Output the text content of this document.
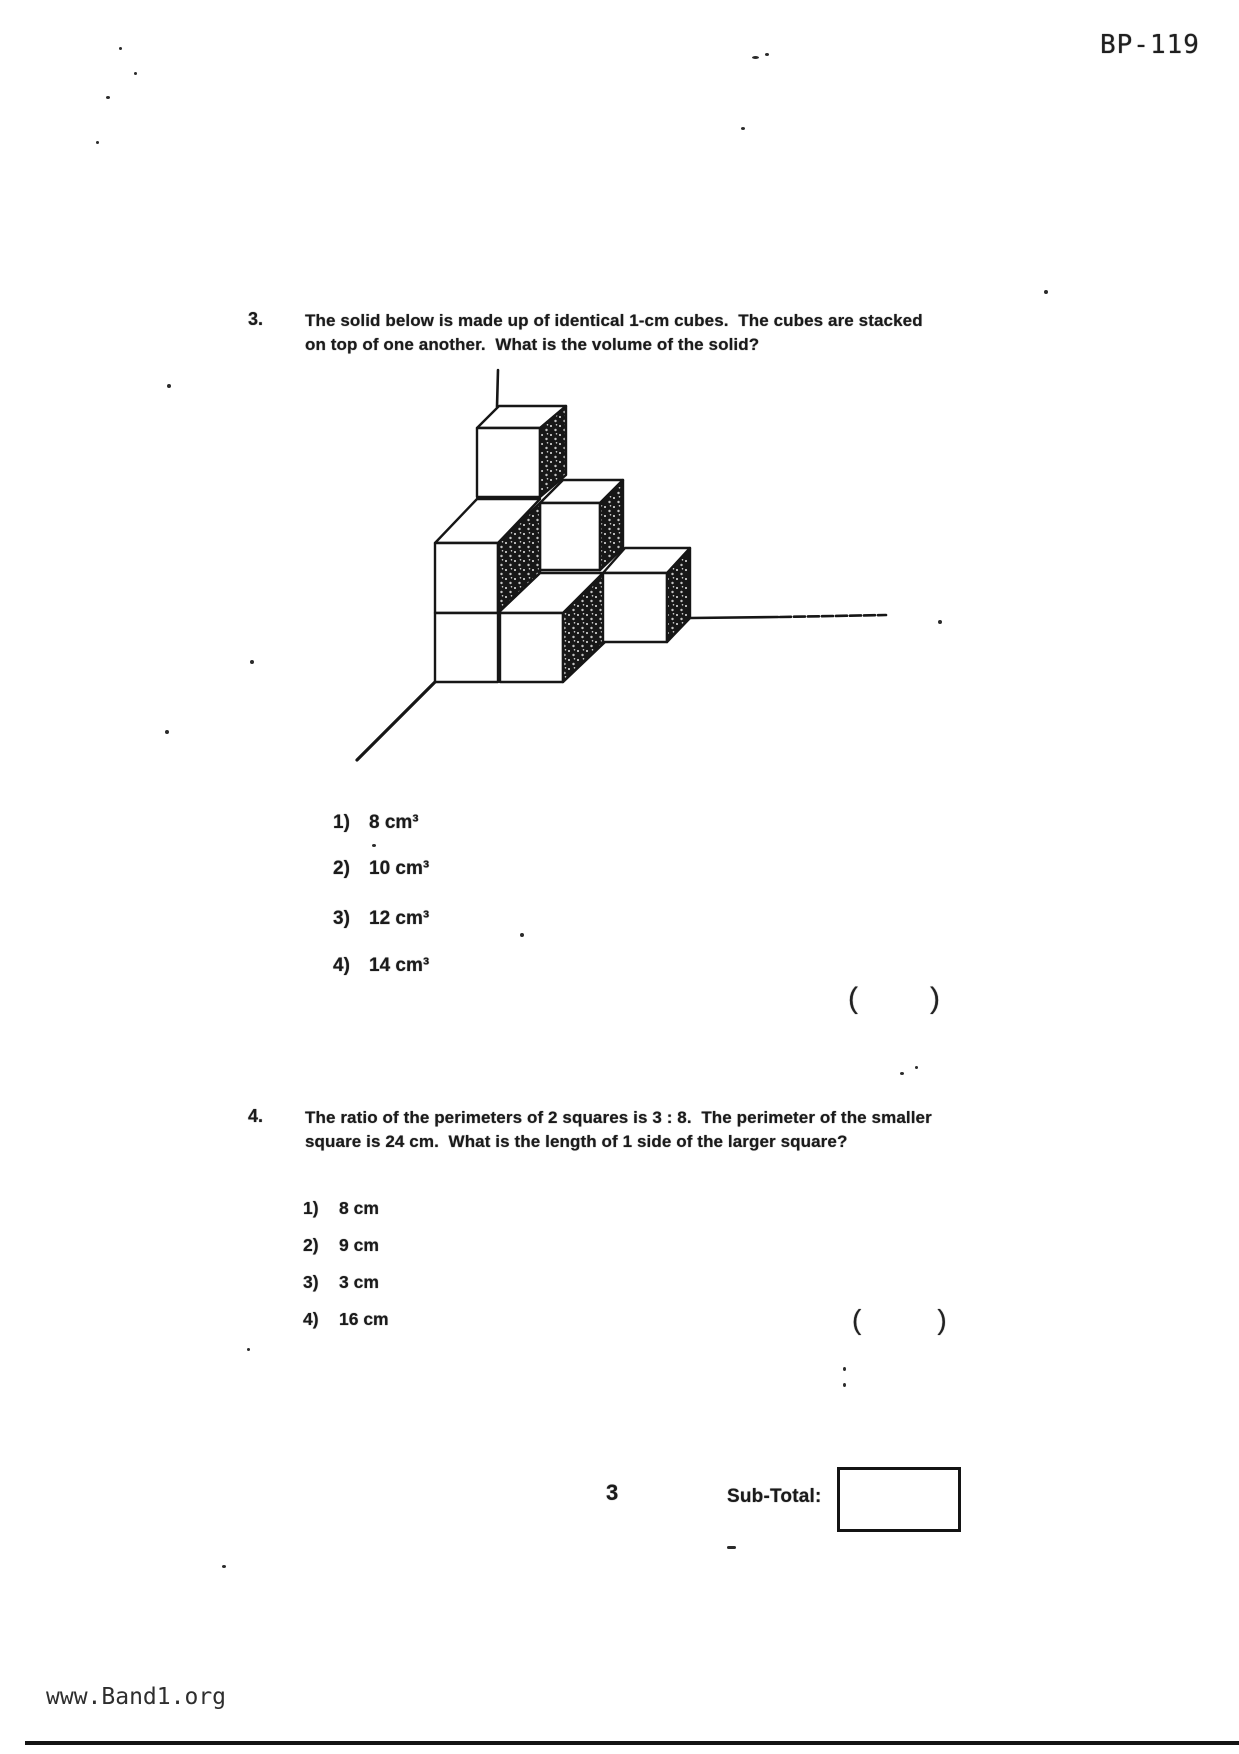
BP-119
3. The solid below is made up of identical 1-cm cubes.  The cubes are stacked
on top of one another.  What is the volume of the solid?
1) 8 cm³
2) 10 cm³
3) 12 cm³
4) 14 cm³
( )
4. The ratio of the perimeters of 2 squares is 3 : 8.  The perimeter of the smaller
square is 24 cm.  What is the length of 1 side of the larger square?
1) 8 cm
2) 9 cm
3) 3 cm
4) 16 cm	(	)
3	Sub-Total:
www.Band1.org
